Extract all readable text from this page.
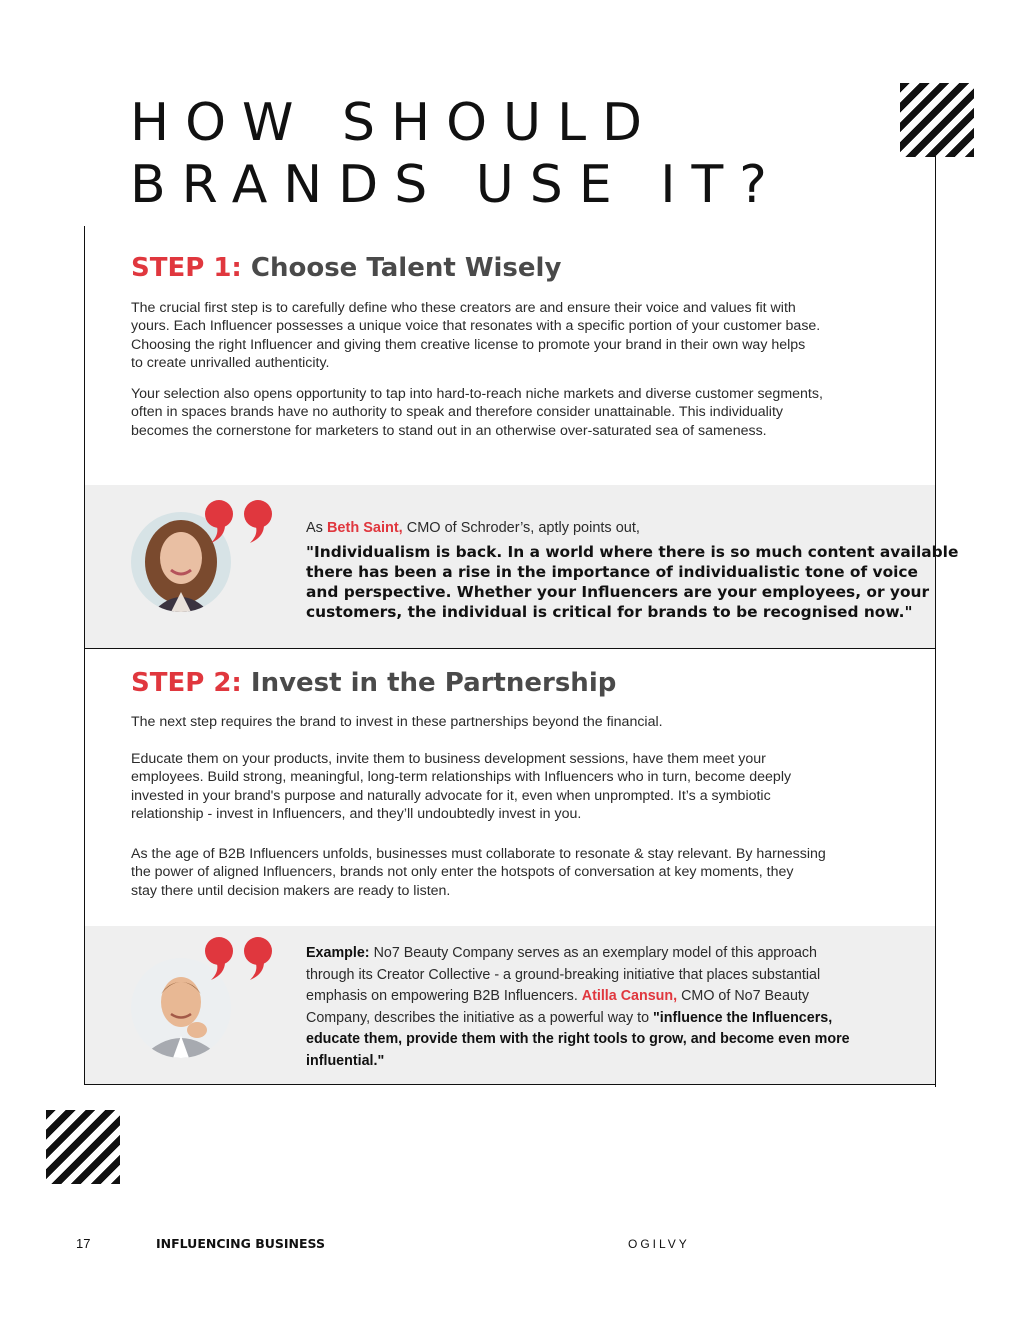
HOW SHOULD
BRANDS USE IT?
STEP 1: Choose Talent Wisely

The crucial first step is to carefully define who these creators are and ensure their voice and values fit with

yours. Each Influencer possesses a unique voice that resonates with a specific portion of your customer base.

Choosing the right Influencer and giving them creative license to promote your brand in their own way helps

to create unrivalled authenticity.

Your selection also opens opportunity to tap into hard-to-reach niche markets and diverse customer segments,

often in spaces brands have no authority to speak and therefore consider unattainable. This individuality

becomes the cornerstone for marketers to stand out in an otherwise over-saturated sea of sameness.

As Beth Saint, CMO of Schroder’s, aptly points out,

"Individualism is back. In a world where there is so much content available

there has been a rise in the importance of individualistic tone of voice

and perspective. Whether your Influencers are your employees, or your

customers, the individual is critical for brands to be recognised now."

STEP 2: Invest in the Partnership

The next step requires the brand to invest in these partnerships beyond the financial.

Educate them on your products, invite them to business development sessions, have them meet your

employees. Build strong, meaningful, long-term relationships with Influencers who in turn, become deeply

invested in your brand's purpose and naturally advocate for it, even when unprompted. It’s a symbiotic

relationship - invest in Influencers, and they’ll undoubtedly invest in you.

As the age of B2B Influencers unfolds, businesses must collaborate to resonate & stay relevant. By harnessing

the power of aligned Influencers, brands not only enter the hotspots of conversation at key moments, they

stay there until decision makers are ready to listen.

Example: No7 Beauty Company serves as an exemplary model of this approach

through its Creator Collective - a ground-breaking initiative that places substantial

emphasis on empowering B2B Influencers. Atilla Cansun, CMO of No7 Beauty

Company, describes the initiative as a powerful way to "influence the Influencers,

educate them, provide them with the right tools to grow, and become even more

influential."

17	INFLUENCING BUSINESS	OGILVY
